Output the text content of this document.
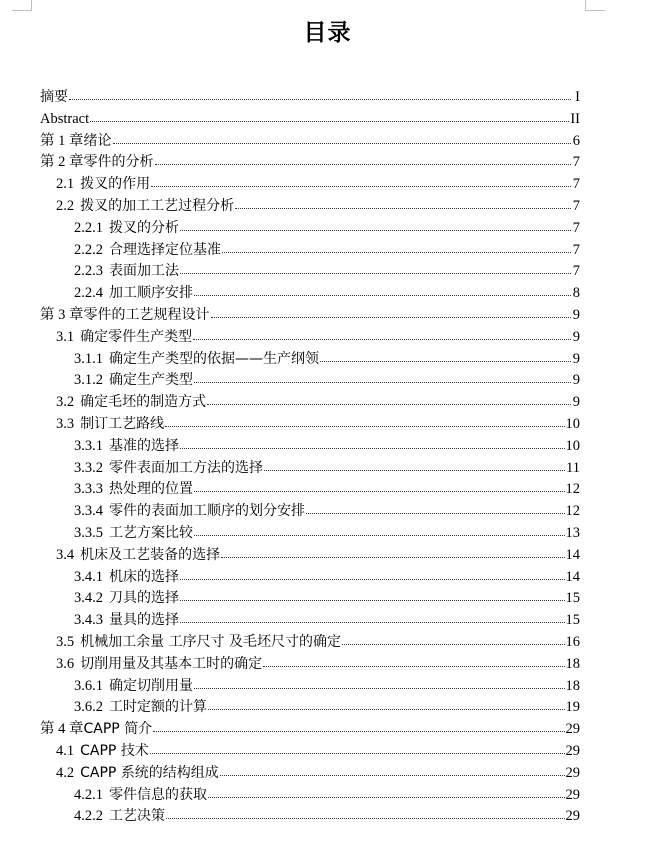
目录
摘要	I
Abstract	II
第 1 章 绪论	6
第 2 章 零件的分析	7
2.1 拨叉的作用	7
2.2 拨叉的加工工艺过程分析	7
2.2.1 拨叉的分析	7
2.2.2 合理选择定位基准	7
2.2.3 表面加工法	7
2.2.4 加工顺序安排	8
第 3 章 零件的工艺规程设计	9
3.1 确定零件生产类型	9
3.1.1 确定生产类型的依据——生产纲领	9
3.1.2 确定生产类型	9
3.2 确定毛坯的制造方式	9
3.3 制订工艺路线	10
3.3.1 基准的选择	10
3.3.2 零件表面加工方法的选择	11
3.3.3 热处理的位置	12
3.3.4 零件的表面加工顺序的划分安排	12
3.3.5 工艺方案比较	13
3.4 机床及工艺装备的选择	14
3.4.1 机床的选择	14
3.4.2 刀具的选择	15
3.4.3 量具的选择	15
3.5 机械加工余量 工序尺寸 及毛坯尺寸的确定	16
3.6 切削用量及其基本工时的确定	18
3.6.1 确定切削用量	18
3.6.2 工时定额的计算	19
第 4 章 CAPP 简介	29
4.1 CAPP 技术	29
4.2 CAPP 系统的结构组成	29
4.2.1 零件信息的获取	29
4.2.2 工艺决策	29
